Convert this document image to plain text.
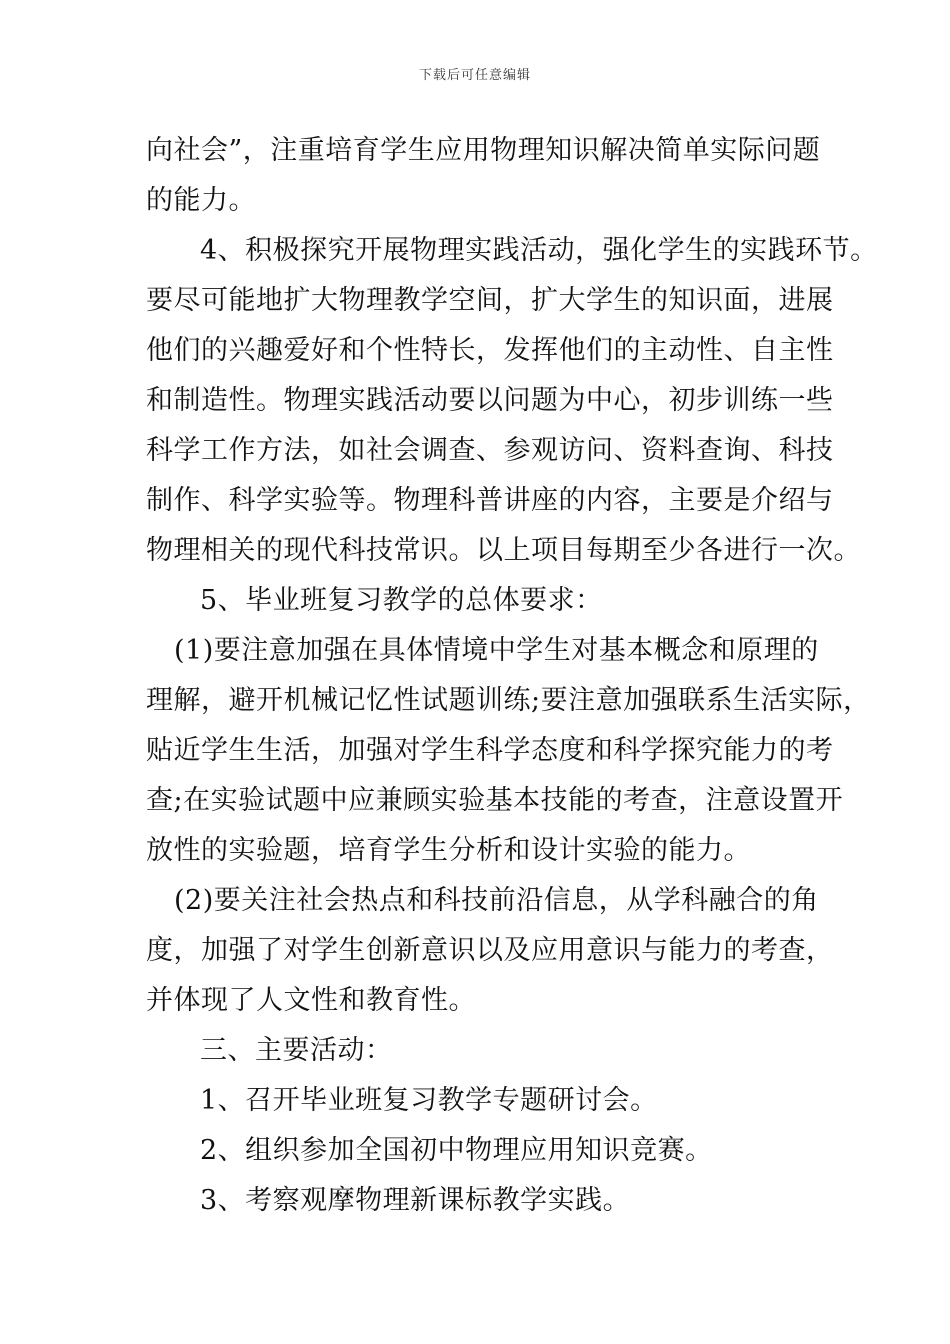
下载后可任意编辑
向社会”，注重培育学生应用物理知识解决简单实际问题
的能力。
4、积极探究开展物理实践活动，强化学生的实践环节。
要尽可能地扩大物理教学空间，扩大学生的知识面，进展
他们的兴趣爱好和个性特长，发挥他们的主动性、自主性
和制造性。物理实践活动要以问题为中心，初步训练一些
科学工作方法，如社会调查、参观访问、资料查询、科技
制作、科学实验等。物理科普讲座的内容，主要是介绍与
物理相关的现代科技常识。以上项目每期至少各进行一次。
5、毕业班复习教学的总体要求：
(1)要注意加强在具体情境中学生对基本概念和原理的
理解，避开机械记忆性试题训练;要注意加强联系生活实际，
贴近学生生活，加强对学生科学态度和科学探究能力的考
查;在实验试题中应兼顾实验基本技能的考查，注意设置开
放性的实验题，培育学生分析和设计实验的能力。
(2)要关注社会热点和科技前沿信息，从学科融合的角
度，加强了对学生创新意识以及应用意识与能力的考查，
并体现了人文性和教育性。
三、主要活动：
1、召开毕业班复习教学专题研讨会。
2、组织参加全国初中物理应用知识竞赛。
3、考察观摩物理新课标教学实践。
